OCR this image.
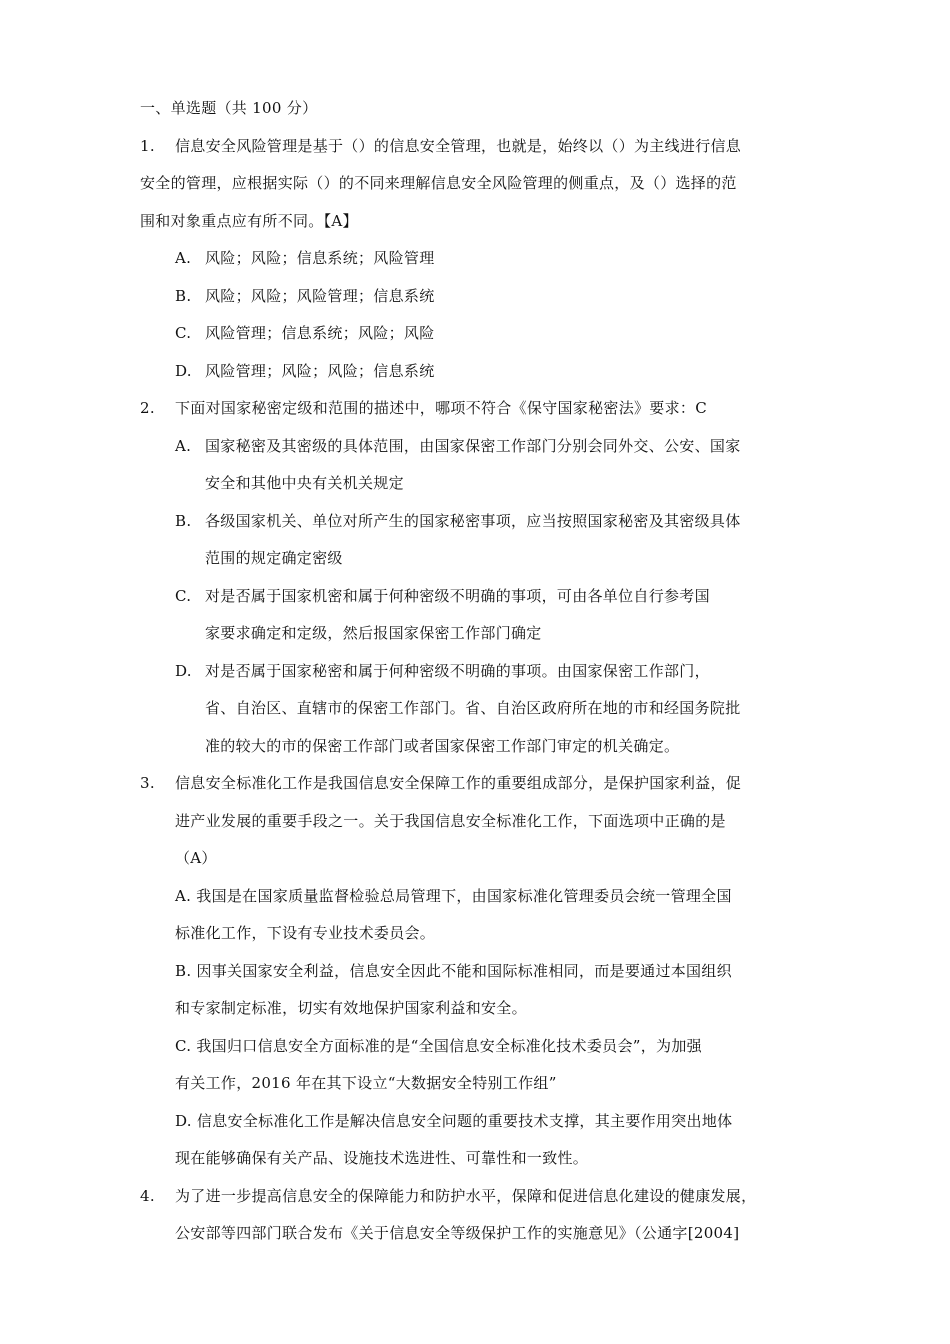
一、单选题（共 100 分）
1. 信息安全风险管理是基于（）的信息安全管理，也就是，始终以（）为主线进行信息
安全的管理，应根据实际（）的不同来理解信息安全风险管理的侧重点，及（）选择的范
围和对象重点应有所不同。【A】
A. 风险；风险；信息系统；风险管理
B. 风险；风险；风险管理；信息系统
C. 风险管理；信息系统；风险；风险
D. 风险管理；风险；风险；信息系统
2. 下面对国家秘密定级和范围的描述中，哪项不符合《保守国家秘密法》要求：C
A. 国家秘密及其密级的具体范围，由国家保密工作部门分别会同外交、公安、国家
安全和其他中央有关机关规定
B. 各级国家机关、单位对所产生的国家秘密事项，应当按照国家秘密及其密级具体
范围的规定确定密级
C. 对是否属于国家机密和属于何种密级不明确的事项，可由各单位自行参考国
家要求确定和定级，然后报国家保密工作部门确定
D. 对是否属于国家秘密和属于何种密级不明确的事项。由国家保密工作部门，
省、自治区、直辖市的保密工作部门。省、自治区政府所在地的市和经国务院批
准的较大的市的保密工作部门或者国家保密工作部门审定的机关确定。
3. 信息安全标准化工作是我国信息安全保障工作的重要组成部分，是保护国家利益，促
进产业发展的重要手段之一。关于我国信息安全标准化工作，下面选项中正确的是
（A）
A. 我国是在国家质量监督检验总局管理下，由国家标准化管理委员会统一管理全国
标准化工作，下设有专业技术委员会。
B. 因事关国家安全利益，信息安全因此不能和国际标准相同，而是要通过本国组织
和专家制定标准，切实有效地保护国家利益和安全。
C. 我国归口信息安全方面标准的是“全国信息安全标准化技术委员会”，为加强
有关工作，2016 年在其下设立“大数据安全特别工作组”
D. 信息安全标准化工作是解决信息安全问题的重要技术支撑，其主要作用突出地体
现在能够确保有关产品、设施技术选进性、可靠性和一致性。
4. 为了进一步提高信息安全的保障能力和防护水平，保障和促进信息化建设的健康发展，
公安部等四部门联合发布《关于信息安全等级保护工作的实施意见》（公通字[2004]
